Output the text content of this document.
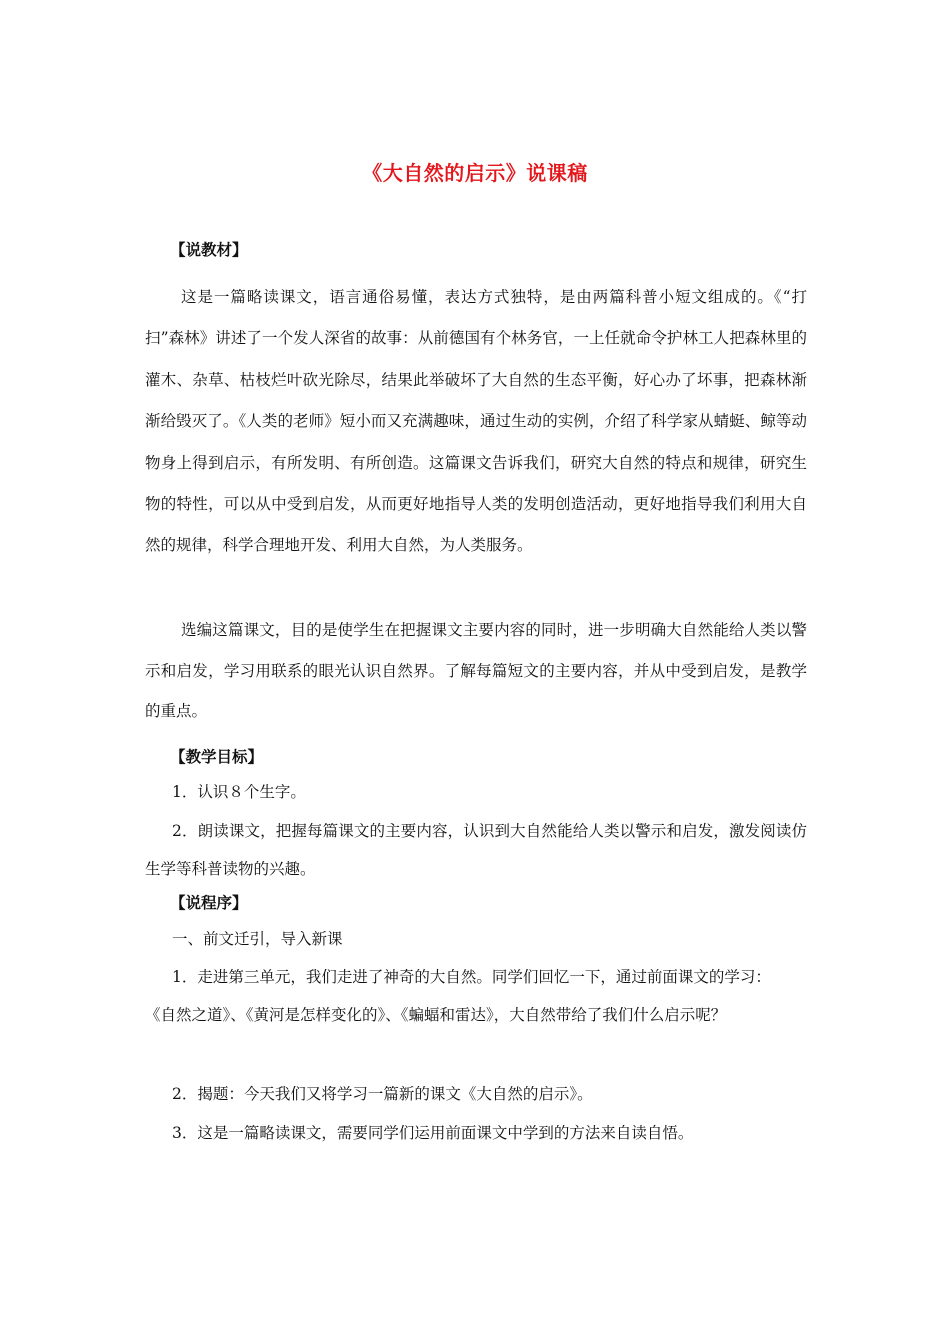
《大自然的启示》说课稿
【说教材】
这是一篇略读课文，语言通俗易懂，表达方式独特，是由两篇科普小短文组成的。《“打扫”森林》讲述了一个发人深省的故事：从前德国有个林务官，一上任就命令护林工人把森林里的灌木、杂草、枯枝烂叶砍光除尽，结果此举破坏了大自然的生态平衡，好心办了坏事，把森林渐渐给毁灭了。《人类的老师》短小而又充满趣味，通过生动的实例，介绍了科学家从蜻蜓、鲸等动物身上得到启示，有所发明、有所创造。这篇课文告诉我们，研究大自然的特点和规律，研究生物的特性，可以从中受到启发，从而更好地指导人类的发明创造活动，更好地指导我们利用大自然的规律，科学合理地开发、利用大自然，为人类服务。
选编这篇课文，目的是使学生在把握课文主要内容的同时，进一步明确大自然能给人类以警示和启发，学习用联系的眼光认识自然界。了解每篇短文的主要内容，并从中受到启发，是教学的重点。
【教学目标】
1．认识８个生字。
2．朗读课文，把握每篇课文的主要内容，认识到大自然能给人类以警示和启发，激发阅读仿生学等科普读物的兴趣。
【说程序】
一、前文迁引，导入新课
1．走进第三单元，我们走进了神奇的大自然。同学们回忆一下，通过前面课文的学习：
《自然之道》、《黄河是怎样变化的》、《蝙蝠和雷达》，大自然带给了我们什么启示呢？
2．揭题：今天我们又将学习一篇新的课文《大自然的启示》。
3．这是一篇略读课文，需要同学们运用前面课文中学到的方法来自读自悟。
